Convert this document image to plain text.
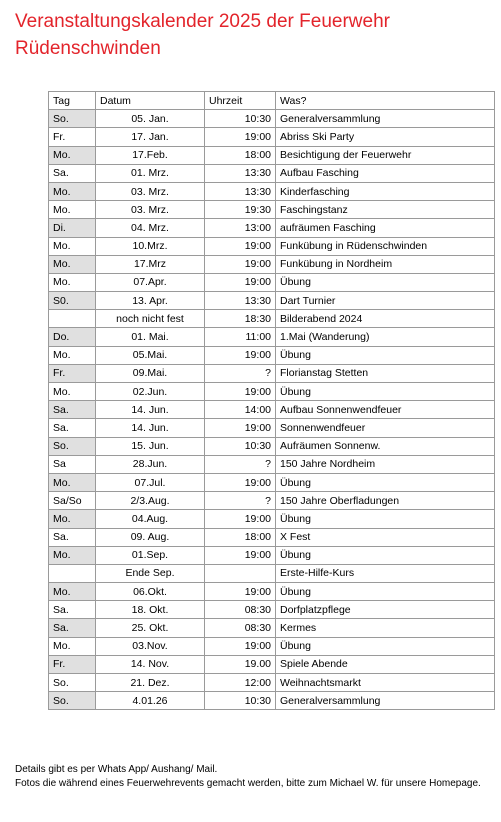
Veranstaltungskalender 2025 der Feuerwehr Rüdenschwinden
Tag	Datum	Uhrzeit	Was?
So.	05. Jan.	10:30	Generalversammlung
Fr.	17. Jan.	19:00	Abriss Ski Party
Mo.	17.Feb.	18:00	Besichtigung der Feuerwehr
Sa.	01. Mrz.	13:30	Aufbau Fasching
Mo.	03. Mrz.	13:30	Kinderfasching
Mo.	03. Mrz.	19:30	Faschingstanz
Di.	04. Mrz.	13:00	aufräumen Fasching
Mo.	10.Mrz.	19:00	Funkübung in Rüdenschwinden
Mo.	17.Mrz	19:00	Funkübung in Nordheim
Mo.	07.Apr.	19:00	Übung
S0.	13. Apr.	13:30	Dart Turnier
	noch nicht fest	18:30	Bilderabend 2024
Do.	01. Mai.	11:00	1.Mai (Wanderung)
Mo.	05.Mai.	19:00	Übung
Fr.	09.Mai.	?	Florianstag Stetten
Mo.	02.Jun.	19:00	Übung
Sa.	14. Jun.	14:00	Aufbau Sonnenwendfeuer
Sa.	14. Jun.	19:00	Sonnenwendfeuer
So.	15. Jun.	10:30	Aufräumen Sonnenw.
Sa	28.Jun.	?	150 Jahre Nordheim
Mo.	07.Jul.	19:00	Übung
Sa/So	2/3.Aug.	?	150 Jahre Oberfladungen
Mo.	04.Aug.	19:00	Übung
Sa.	09. Aug.	18:00	X Fest
Mo.	01.Sep.	19:00	Übung
	Ende Sep.		Erste-Hilfe-Kurs
Mo.	06.Okt.	19:00	Übung
Sa.	18. Okt.	08:30	Dorfplatzpflege
Sa.	25. Okt.	08:30	Kermes
Mo.	03.Nov.	19:00	Übung
Fr.	14. Nov.	19.00	Spiele Abende
So.	21. Dez.	12:00	Weihnachtsmarkt
So.	4.01.26	10:30	Generalversammlung

Details gibt es per Whats App/ Aushang/ Mail.

Fotos die während eines Feuerwehrevents gemacht werden, bitte zum Michael W. für unsere Homepage.
